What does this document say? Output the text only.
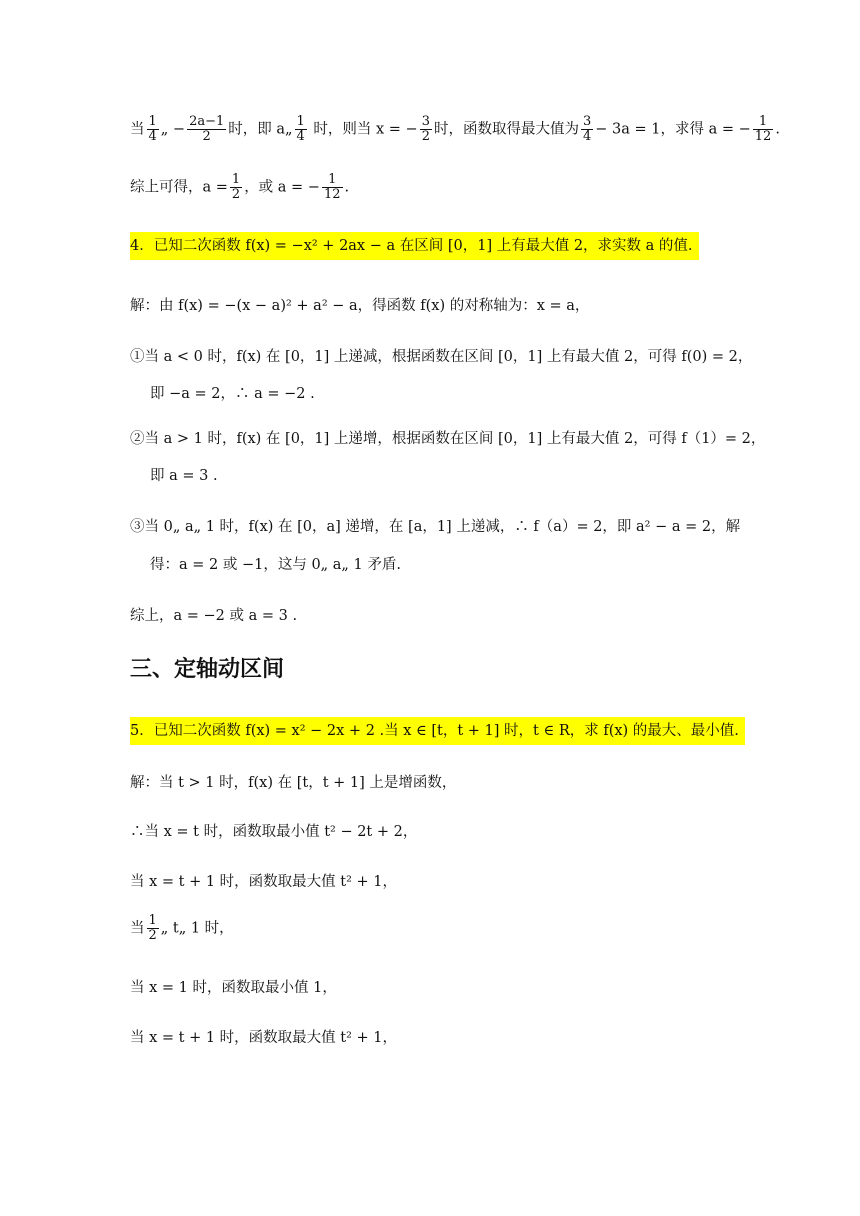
当 $\frac{1}{4}$ „ − $\frac{2a-1}{2}$ 时，即 a„ $\frac{1}{4}$ 时，则当 x = − $\frac{3}{2}$ 时，函数取得最大值为 $\frac{3}{4} - 3a = 1$，求得 a = − $\frac{1}{12}$ .
综上可得，$a = \frac{1}{2}$ ，或 a = − $\frac{1}{12}$ .
4．已知二次函数 f(x) = −x² + 2ax − a 在区间 [0，1] 上有最大值 2，求实数 a 的值.
解：由 f(x) = −(x − a)² + a² − a，得函数 f(x) 的对称轴为：x = a，
①当 a < 0 时，f(x) 在 [0，1] 上递减，根据函数在区间 [0，1] 上有最大值 2，可得 f(0) = 2，
即 −a = 2，∴ a = −2 .
②当 a > 1 时，f(x) 在 [0，1] 上递增，根据函数在区间 [0，1] 上有最大值 2，可得 f（1）= 2，
即 a = 3 .
③当 0„ a„ 1 时，f(x) 在 [0，a] 递增，在 [a，1] 上递减，∴ f（a）= 2，即 a² − a = 2，解
得：a = 2 或 −1，这与 0„ a„ 1 矛盾.
综上，a = −2 或 a = 3 .
三、定轴动区间
5．已知二次函数 f(x) = x² − 2x + 2 .当 x ∈ [t，t + 1] 时，t ∈ R，求 f(x) 的最大、最小值.
解：当 t > 1 时，f(x) 在 [t，t + 1] 上是增函数，
∴当 x = t 时，函数取最小值 t² − 2t + 2，
当 x = t + 1 时，函数取最大值 t² + 1，
当 $\frac{1}{2}$ „ t„ 1 时，
当 x = 1 时，函数取最小值 1，
当 x = t + 1 时，函数取最大值 t² + 1，
